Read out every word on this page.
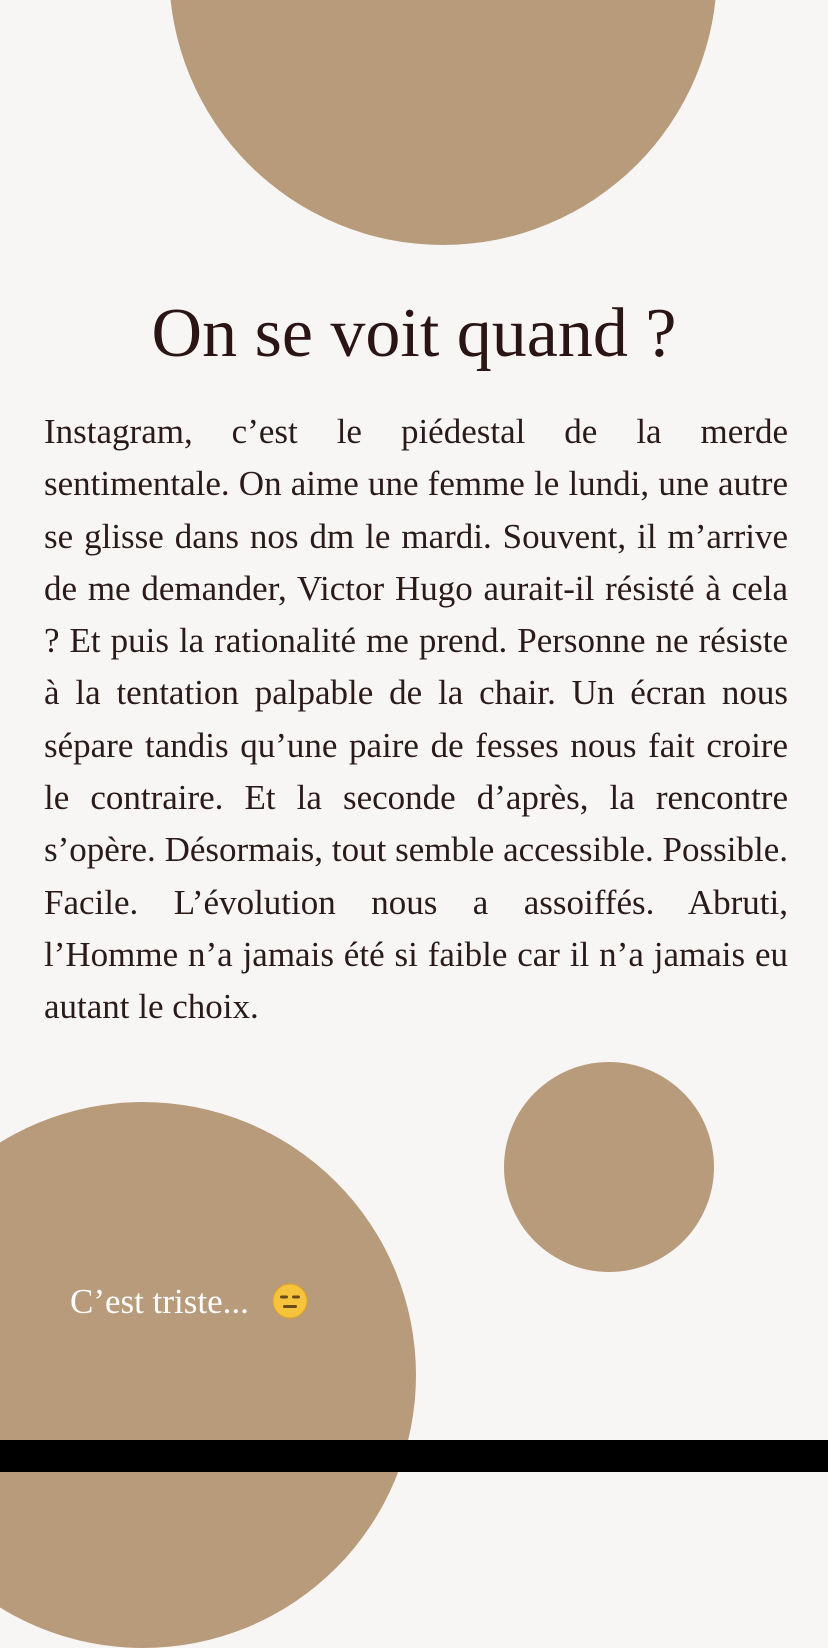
On se voit quand ?

Instagram, c’est le piédestal de la merde sentimentale. On aime une femme le lundi, une autre se glisse dans nos dm le mardi. Souvent, il m’arrive de me demander, Victor Hugo aurait-il résisté à cela ? Et puis la rationalité me prend. Personne ne résiste à la tentation palpable de la chair. Un écran nous sépare tandis qu’une paire de fesses nous fait croire le contraire. Et la seconde d’après, la rencontre s’opère. Désormais, tout semble accessible. Possible. Facile. L’évolution nous a assoiffés. Abruti, l’Homme n’a jamais été si faible car il n’a jamais eu autant le choix.

C’est triste...
